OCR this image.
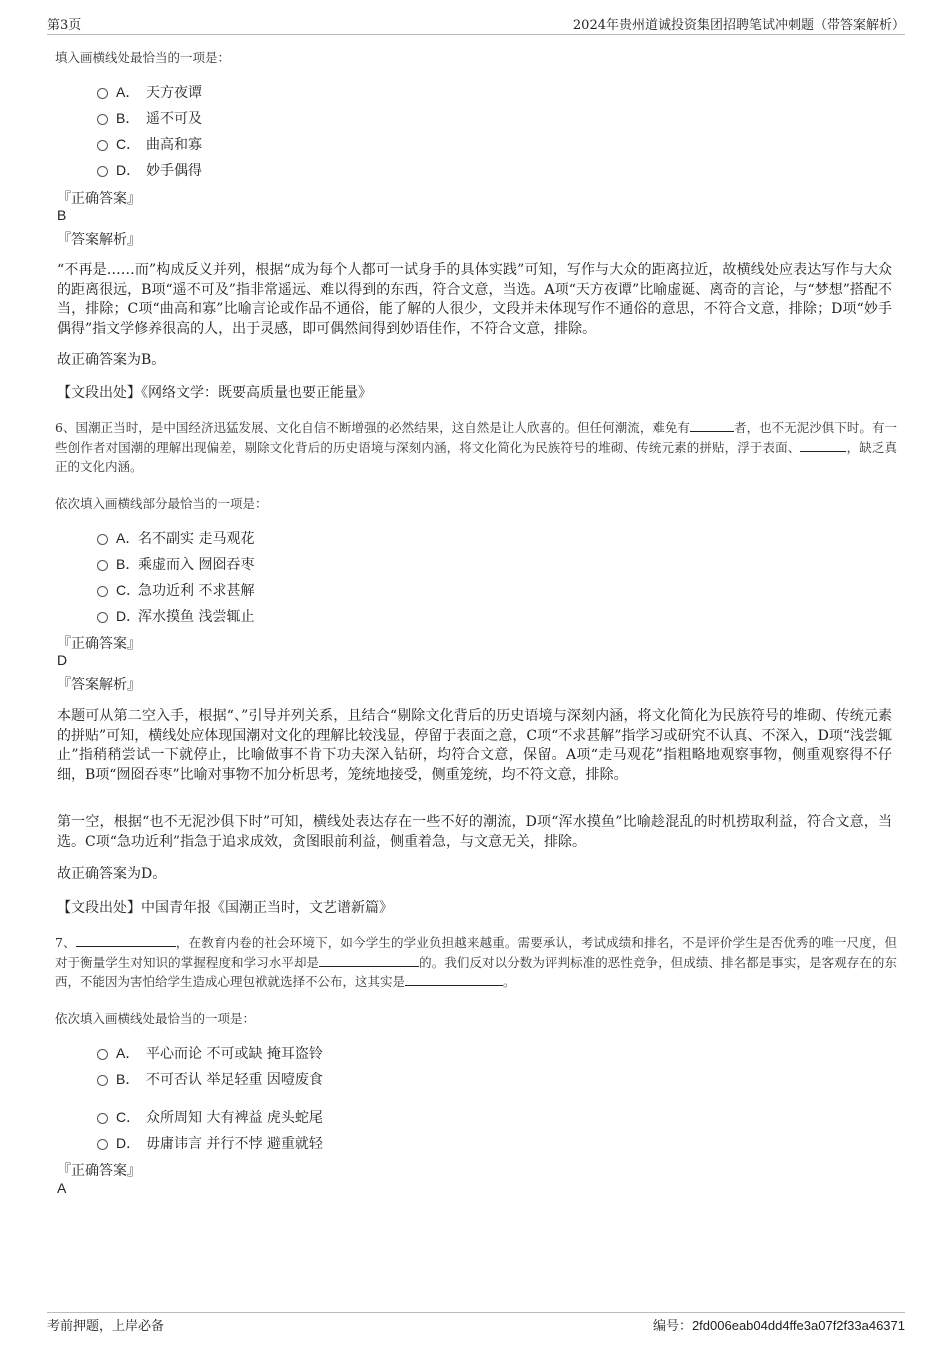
第3页	2024年贵州道诚投资集团招聘笔试冲刺题（带答案解析）
填入画横线处最恰当的一项是：
A． 天方夜谭
B． 遥不可及
C． 曲高和寡
D． 妙手偶得
『正确答案』
B
『答案解析』
“不再是……而”构成反义并列，根据“成为每个人都可一试身手的具体实践”可知，写作与大众的距离拉近，故横线处应表达写作与大众的距离很远，B项“遥不可及”指非常遥远、难以得到的东西，符合文意，当选。A项“天方夜谭”比喻虚诞、离奇的言论，与“梦想”搭配不当，排除；C项“曲高和寡”比喻言论或作品不通俗，能了解的人很少，文段并未体现写作不通俗的意思，不符合文意，排除；D项“妙手偶得”指文学修养很高的人，出于灵感，即可偶然间得到妙语佳作，不符合文意，排除。
故正确答案为B。
【文段出处】《网络文学：既要高质量也要正能量》
6、国潮正当时，是中国经济迅猛发展、文化自信不断增强的必然结果，这自然是让人欣喜的。但任何潮流，难免有	者，也不无泥沙俱下时。有一些创作者对国潮的理解出现偏差，剔除文化背后的历史语境与深刻内涵，将文化简化为民族符号的堆砌、传统元素的拼贴，浮于表面、	，缺乏真正的文化内涵。
依次填入画横线部分最恰当的一项是：
A．
名不副实 走马观花
B．
乘虚而入 囫囵吞枣
C．
急功近利 不求甚解
D．
浑水摸鱼 浅尝辄止
『正确答案』
D
『答案解析』
本题可从第二空入手，根据“、”引导并列关系，且结合“剔除文化背后的历史语境与深刻内涵，将文化简化为民族符号的堆砌、传统元素的拼贴”可知，横线处应体现国潮对文化的理解比较浅显，停留于表面之意，C项“不求甚解”指学习或研究不认真、不深入，D项“浅尝辄止”指稍稍尝试一下就停止，比喻做事不肯下功夫深入钻研，均符合文意，保留。A项“走马观花”指粗略地观察事物，侧重观察得不仔细，B项“囫囵吞枣”比喻对事物不加分析思考，笼统地接受，侧重笼统，均不符文意，排除。
第一空，根据“也不无泥沙俱下时”可知，横线处表达存在一些不好的潮流，D项“浑水摸鱼”比喻趁混乱的时机捞取利益，符合文意，当选。C项“急功近利”指急于追求成效，贪图眼前利益，侧重着急，与文意无关，排除。
故正确答案为D。
【文段出处】中国青年报《国潮正当时，文艺谱新篇》
7、	，在教育内卷的社会环境下，如今学生的学业负担越来越重。需要承认，考试成绩和排名，不是评价学生是否优秀的唯一尺度，但对于衡量学生对知识的掌握程度和学习水平却是	的。我们反对以分数为评判标准的恶性竞争，但成绩、排名都是事实，是客观存在的东西，不能因为害怕给学生造成心理包袱就选择不公布，这其实是	。
依次填入画横线处最恰当的一项是：
A． 平心而论 不可或缺 掩耳盗铃
B． 不可否认 举足轻重 因噎废食
C． 众所周知 大有裨益 虎头蛇尾
D． 毋庸讳言 并行不悖 避重就轻
『正确答案』
A
考前押题，上岸必备	编号：2fd006eab04dd4ffe3a07f2f33a46371
